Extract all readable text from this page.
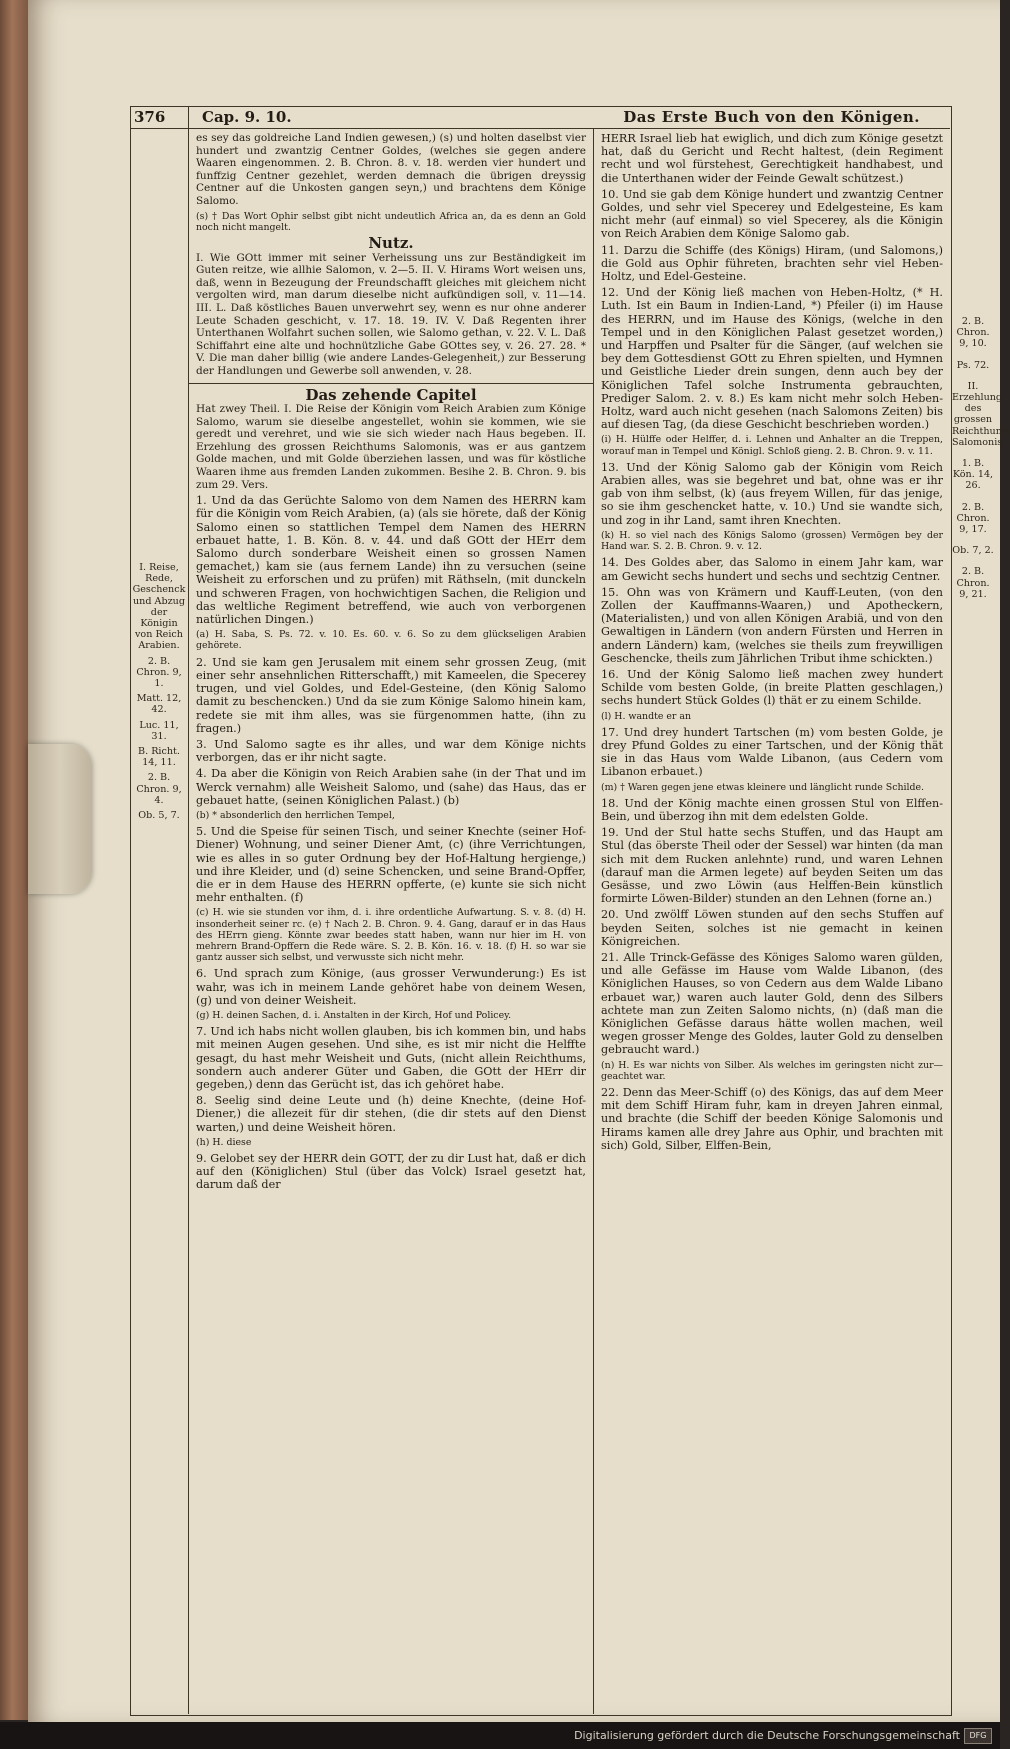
376 Cap. 9. 10.	Das Erste Buch von den Königen.

es sey das goldreiche Land Indien gewesen,) (s) und holten daselbst vier hundert und zwantzig Centner Goldes, (welches sie gegen andere Waaren eingenommen. 2. B. Chron. 8. v. 18. werden vier hundert und funffzig Centner gezehlet, werden demnach die übrigen dreyssig Centner auf die Unkosten gangen seyn,) und brachtens dem Könige Salomo.

(s) † Das Wort Ophir selbst gibt nicht undeutlich Africa an, da es denn an Gold noch nicht mangelt.

Nutz.

I. Wie GOtt immer mit seiner Verheissung uns zur Beständigkeit im Guten reitze, wie allhie Salomon, v. 2—5. II. V. Hirams Wort weisen uns, daß, wenn in Bezeugung der Freundschafft gleiches mit gleichem nicht vergolten wird, man darum dieselbe nicht aufkündigen soll, v. 11—14. III. L. Daß köstliches Bauen unverwehrt sey, wenn es nur ohne anderer Leute Schaden geschicht, v. 17. 18. 19. IV. V. Daß Regenten ihrer Unterthanen Wolfahrt suchen sollen, wie Salomo gethan, v. 22. V. L. Daß Schiffahrt eine alte und hochnützliche Gabe GOttes sey, v. 26. 27. 28. * V. Die man daher billig (wie andere Landes-Gelegenheit,) zur Besserung der Handlungen und Gewerbe soll anwenden, v. 28.

Das zehende Capitel

Hat zwey Theil. I. Die Reise der Königin vom Reich Arabien zum Könige Salomo, warum sie dieselbe angestellet, wohin sie kommen, wie sie geredt und verehret, und wie sie sich wieder nach Haus begeben. II. Erzehlung des grossen Reichthums Salomonis, was er aus gantzem Golde machen, und mit Golde überziehen lassen, und was für köstliche Waaren ihme aus fremden Landen zukommen. Besihe 2. B. Chron. 9. bis zum 29. Vers.

1. Und da das Gerüchte Salomo von dem Namen des HERRN kam für die Königin vom Reich Arabien, (a) (als sie hörete, daß der König Salomo einen so stattlichen Tempel dem Namen des HERRN erbauet hatte, 1. B. Kön. 8. v. 44. und daß GOtt der HErr dem Salomo durch sonderbare Weisheit einen so grossen Namen gemachet,) kam sie (aus fernem Lande) ihn zu versuchen (seine Weisheit zu erforschen und zu prüfen) mit Räthseln, (mit dunckeln und schweren Fragen, von hochwichtigen Sachen, die Religion und das weltliche Regiment betreffend, wie auch von verborgenen natürlichen Dingen.)

(a) H. Saba, S. Ps. 72. v. 10. Es. 60. v. 6. So zu dem glückseligen Arabien gehörete.

2. Und sie kam gen Jerusalem mit einem sehr grossen Zeug, (mit einer sehr ansehnlichen Ritterschafft,) mit Kameelen, die Specerey trugen, und viel Goldes, und Edel-Gesteine, (den König Salomo damit zu beschencken.) Und da sie zum Könige Salomo hinein kam, redete sie mit ihm alles, was sie fürgenommen hatte, (ihn zu fragen.)

3. Und Salomo sagte es ihr alles, und war dem Könige nichts verborgen, das er ihr nicht sagte.

4. Da aber die Königin von Reich Arabien sahe (in der That und im Werck vernahm) alle Weisheit Salomo, und (sahe) das Haus, das er gebauet hatte, (seinen Königlichen Palast.) (b)

(b) * absonderlich den herrlichen Tempel,

5. Und die Speise für seinen Tisch, und seiner Knechte (seiner Hof-Diener) Wohnung, und seiner Diener Amt, (c) (ihre Verrichtungen, wie es alles in so guter Ordnung bey der Hof-Haltung hergienge,) und ihre Kleider, und (d) seine Schencken, und seine Brand-Opffer, die er in dem Hause des HERRN opfferte, (e) kunte sie sich nicht mehr enthalten. (f)

(c) H. wie sie stunden vor ihm, d. i. ihre ordentliche Aufwartung. S. v. 8. (d) H. insonderheit seiner rc. (e) † Nach 2. B. Chron. 9. 4. Gang, darauf er in das Haus des HErrn gieng. Könnte zwar beedes statt haben, wann nur hier im H. von mehrern Brand-Opffern die Rede wäre. S. 2. B. Kön. 16. v. 18. (f) H. so war sie gantz ausser sich selbst, und verwusste sich nicht mehr.

6. Und sprach zum Könige, (aus grosser Verwunderung:) Es ist wahr, was ich in meinem Lande gehöret habe von deinem Wesen, (g) und von deiner Weisheit.

(g) H. deinen Sachen, d. i. Anstalten in der Kirch, Hof und Policey.

7. Und ich habs nicht wollen glauben, bis ich kommen bin, und habs mit meinen Augen gesehen. Und sihe, es ist mir nicht die Helffte gesagt, du hast mehr Weisheit und Guts, (nicht allein Reichthums, sondern auch anderer Güter und Gaben, die GOtt der HErr dir gegeben,) denn das Gerücht ist, das ich gehöret habe.

8. Seelig sind deine Leute und (h) deine Knechte, (deine Hof-Diener,) die allezeit für dir stehen, (die dir stets auf den Dienst warten,) und deine Weisheit hören.

(h) H. diese

9. Gelobet sey der HERR dein GOTT, der zu dir Lust hat, daß er dich auf den (Königlichen) Stul (über das Volck) Israel gesetzt hat, darum daß der

HERR Israel lieb hat ewiglich, und dich zum Könige gesetzt hat, daß du Gericht und Recht haltest, (dein Regiment recht und wol fürstehest, Gerechtigkeit handhabest, und die Unterthanen wider der Feinde Gewalt schützest.)

10. Und sie gab dem Könige hundert und zwantzig Centner Goldes, und sehr viel Specerey und Edelgesteine, Es kam nicht mehr (auf einmal) so viel Specerey, als die Königin von Reich Arabien dem Könige Salomo gab.

11. Darzu die Schiffe (des Königs) Hiram, (und Salomons,) die Gold aus Ophir führeten, brachten sehr viel Heben-Holtz, und Edel-Gesteine.

12. Und der König ließ machen von Heben-Holtz, (* H. Luth. Ist ein Baum in Indien-Land, *) Pfeiler (i) im Hause des HERRN, und im Hause des Königs, (welche in den Tempel und in den Königlichen Palast gesetzet worden,) und Harpffen und Psalter für die Sänger, (auf welchen sie bey dem Gottesdienst GOtt zu Ehren spielten, und Hymnen und Geistliche Lieder drein sungen, denn auch bey der Königlichen Tafel solche Instrumenta gebrauchten, Prediger Salom. 2. v. 8.) Es kam nicht mehr solch Heben-Holtz, ward auch nicht gesehen (nach Salomons Zeiten) bis auf diesen Tag, (da diese Geschicht beschrieben worden.)

(i) H. Hülffe oder Helffer, d. i. Lehnen und Anhalter an die Treppen, worauf man in Tempel und Königl. Schloß gieng. 2. B. Chron. 9. v. 11.

13. Und der König Salomo gab der Königin vom Reich Arabien alles, was sie begehret und bat, ohne was er ihr gab von ihm selbst, (k) (aus freyem Willen, für das jenige, so sie ihm geschencket hatte, v. 10.) Und sie wandte sich, und zog in ihr Land, samt ihren Knechten.

(k) H. so viel nach des Königs Salomo (grossen) Vermögen bey der Hand war. S. 2. B. Chron. 9. v. 12.

14. Des Goldes aber, das Salomo in einem Jahr kam, war am Gewicht sechs hundert und sechs und sechtzig Centner.

15. Ohn was von Krämern und Kauff-Leuten, (von den Zollen der Kauffmanns-Waaren,) und Apotheckern, (Materialisten,) und von allen Königen Arabiä, und von den Gewaltigen in Ländern (von andern Fürsten und Herren in andern Ländern) kam, (welches sie theils zum freywilligen Geschencke, theils zum Jährlichen Tribut ihme schickten.)

16. Und der König Salomo ließ machen zwey hundert Schilde vom besten Golde, (in breite Platten geschlagen,) sechs hundert Stück Goldes (l) thät er zu einem Schilde.

(l) H. wandte er an

17. Und drey hundert Tartschen (m) vom besten Golde, je drey Pfund Goldes zu einer Tartschen, und der König thät sie in das Haus vom Walde Libanon, (aus Cedern vom Libanon erbauet.)

(m) † Waren gegen jene etwas kleinere und länglicht runde Schilde.

18. Und der König machte einen grossen Stul von Elffen-Bein, und überzog ihn mit dem edelsten Golde.

19. Und der Stul hatte sechs Stuffen, und das Haupt am Stul (das öberste Theil oder der Sessel) war hinten (da man sich mit dem Rucken anlehnte) rund, und waren Lehnen (darauf man die Armen legete) auf beyden Seiten um das Gesässe, und zwo Löwin (aus Helffen-Bein künstlich formirte Löwen-Bilder) stunden an den Lehnen (forne an.)

20. Und zwölff Löwen stunden auf den sechs Stuffen auf beyden Seiten, solches ist nie gemacht in keinen Königreichen.

21. Alle Trinck-Gefässe des Königes Salomo waren gülden, und alle Gefässe im Hause vom Walde Libanon, (des Königlichen Hauses, so von Cedern aus dem Walde Libano erbauet war,) waren auch lauter Gold, denn des Silbers achtete man zun Zeiten Salomo nichts, (n) (daß man die Königlichen Gefässe daraus hätte wollen machen, weil wegen grosser Menge des Goldes, lauter Gold zu denselben gebraucht ward.)

(n) H. Es war nichts von Silber. Als welches im geringsten nicht zur— geachtet war.

22. Denn das Meer-Schiff (o) des Königs, das auf dem Meer mit dem Schiff Hiram fuhr, kam in dreyen Jahren einmal, und brachte (die Schiff der beeden Könige Salomonis und Hirams kamen alle drey Jahre aus Ophir, und brachten mit sich) Gold, Silber, Elffen-Bein,

I. Reise, Rede, Geschenck und Abzug der Königin von Reich Arabien.
2. B. Chron. 9, 1.
Matt. 12, 42.
Luc. 11, 31.
B. Richt. 14, 11.
2. B. Chron. 9, 4.
Ob. 5, 7.
2. B. Chron. 9, 10.
Ps. 72.
II. Erzehlung des grossen Reichthums Salomonis.
1. B. Kön. 14, 26.
2. B. Chron. 9, 17.
Ob. 7, 2.
2. B. Chron. 9, 21.
Digitalisierung gefördert durch die Deutsche Forschungsgemeinschaft	DFG
